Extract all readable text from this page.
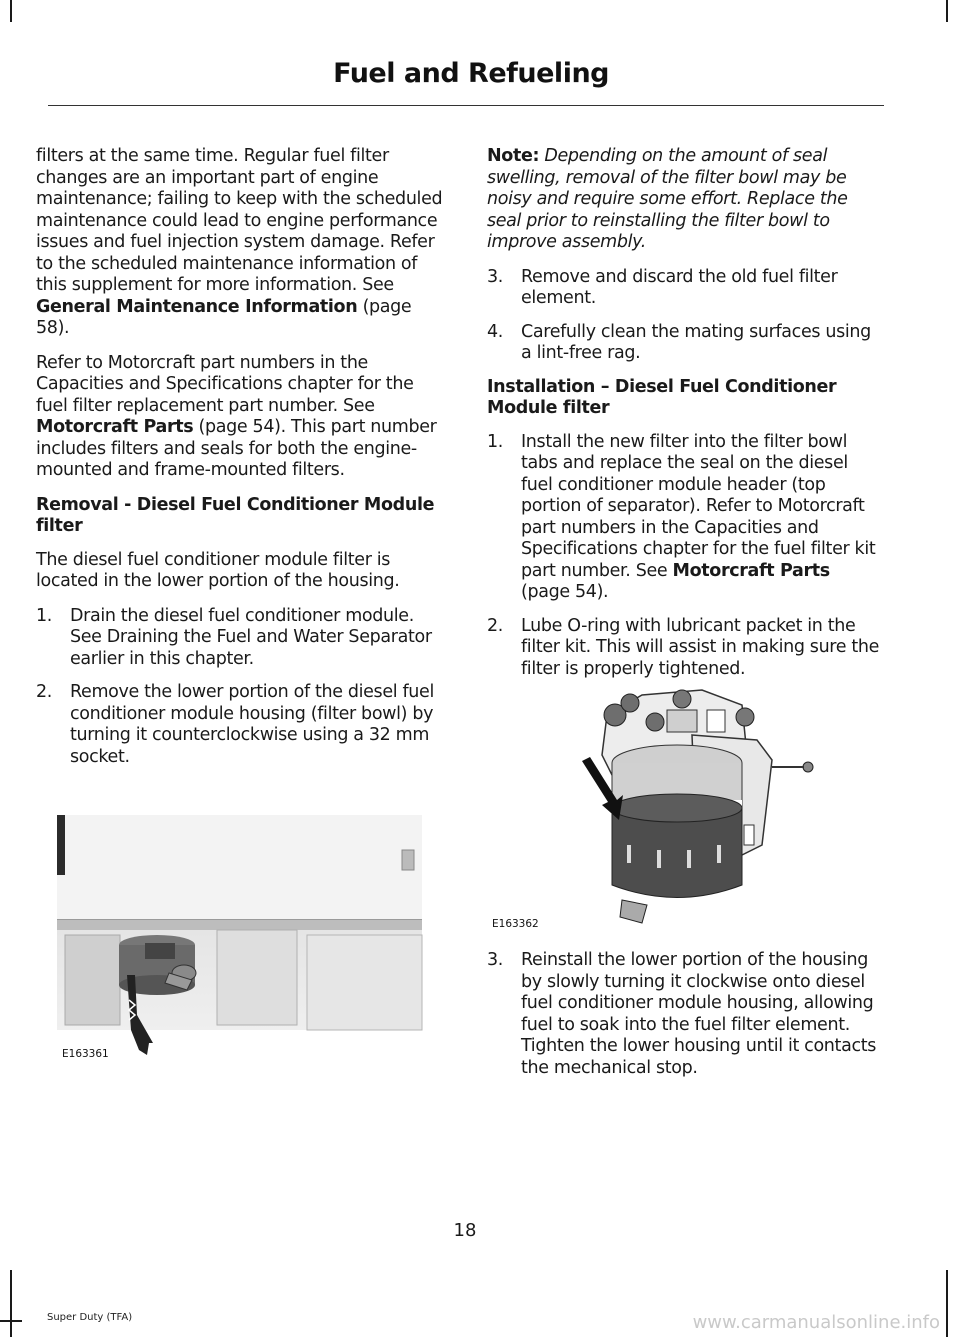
Fuel and Refueling

filters at the same time. Regular fuel filter changes are an important part of engine maintenance; failing to keep with the scheduled maintenance could lead to engine performance issues and fuel injection system damage. Refer to the scheduled maintenance information of this supplement for more information. See General Maintenance Information (page 58).

Refer to Motorcraft part numbers in the Capacities and Specifications chapter for the fuel filter replacement part number. See Motorcraft Parts (page 54). This part number includes filters and seals for both the engine-mounted and frame-mounted filters.

Removal - Diesel Fuel Conditioner Module filter

The diesel fuel conditioner module filter is located in the lower portion of the housing.

1.	Drain the diesel fuel conditioner module. See Draining the Fuel and Water Separator earlier in this chapter.
2.	Remove the lower portion of the diesel fuel conditioner module housing (filter bowl) by turning it counterclockwise using a 32 mm socket.
E163361

Note: Depending on the amount of seal swelling, removal of the filter bowl may be noisy and require some effort. Replace the seal prior to reinstalling the filter bowl to improve assembly.

3.	Remove and discard the old fuel filter element.
4.	Carefully clean the mating surfaces using a lint-free rag.
Installation – Diesel Fuel Conditioner Module filter
1.	Install the new filter into the filter bowl tabs and replace the seal on the diesel fuel conditioner module header (top portion of separator). Refer to Motorcraft part numbers in the Capacities and Specifications chapter for the fuel filter kit part number. See Motorcraft Parts (page 54).
2.	Lube O-ring with lubricant packet in the filter kit. This will assist in making sure the filter is properly tightened.
E163362
3.	Reinstall the lower portion of the housing by slowly turning it clockwise onto diesel fuel conditioner module housing, allowing fuel to soak into the fuel filter element. Tighten the lower housing until it contacts the mechanical stop.
18
Super Duty (TFA)	www.carmanualsonline.info
